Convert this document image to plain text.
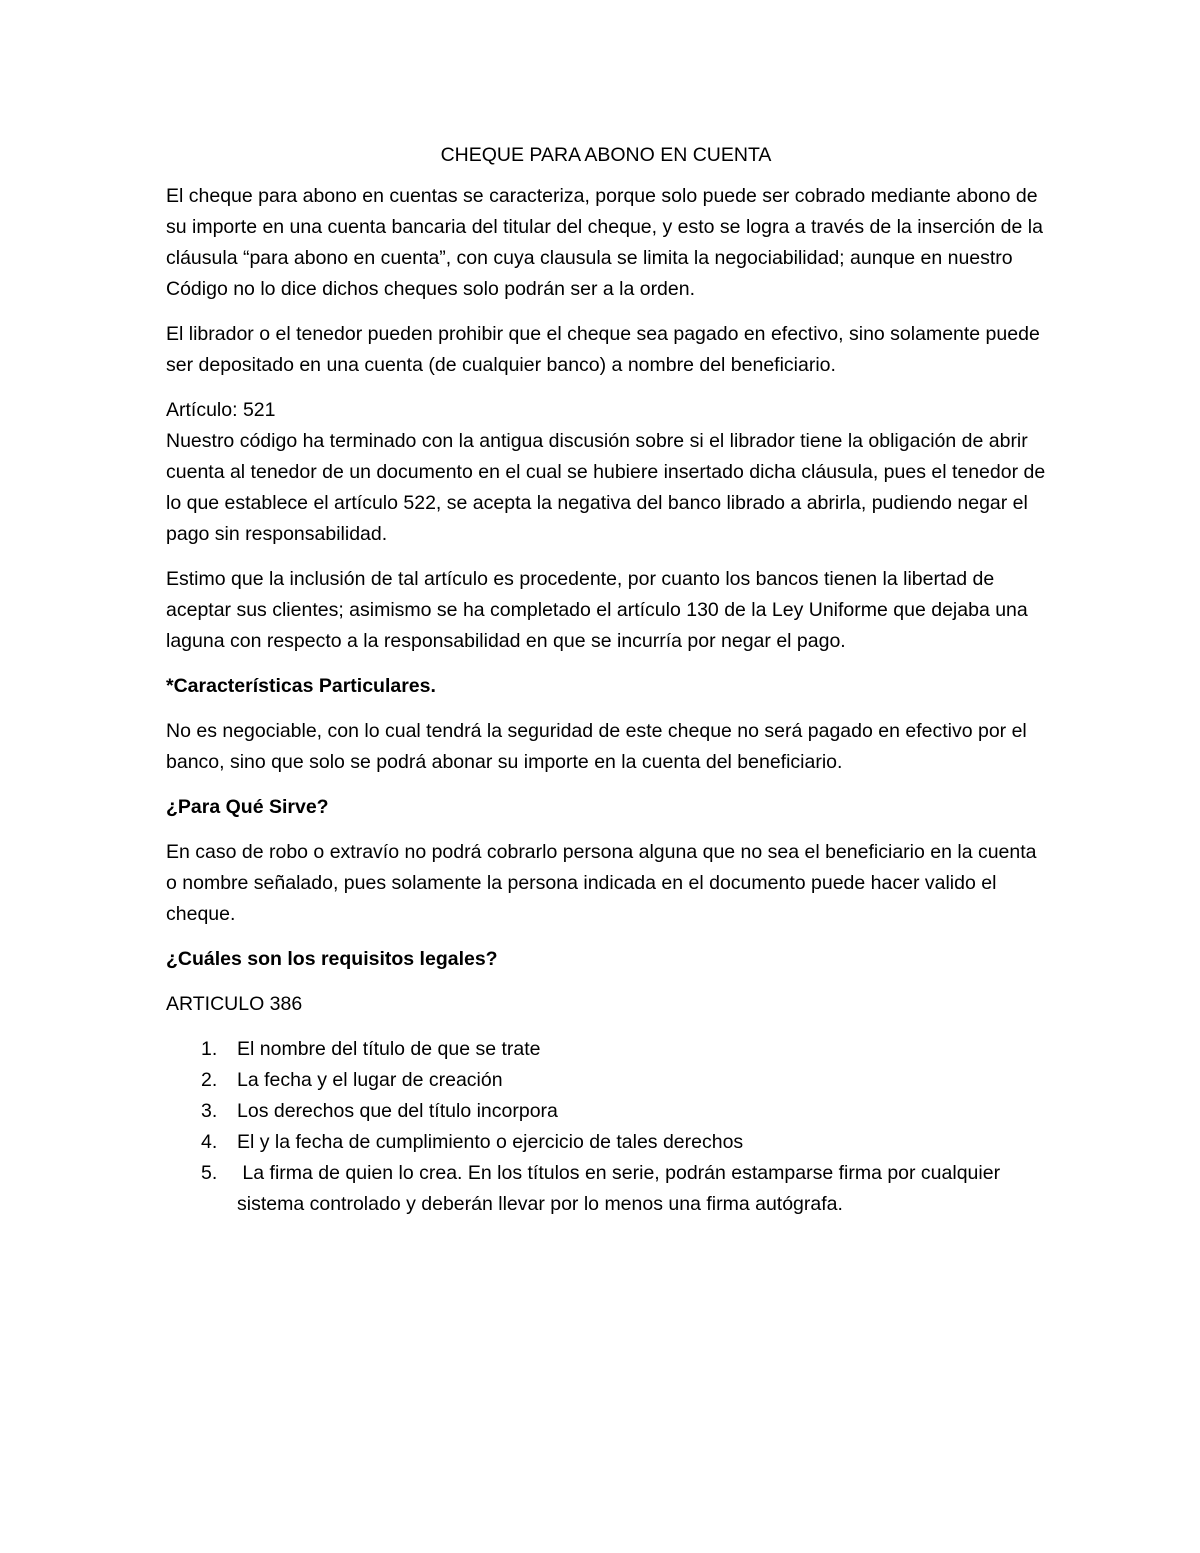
CHEQUE PARA ABONO EN CUENTA

El cheque para abono en cuentas se caracteriza, porque solo puede ser cobrado mediante abono de su importe en una cuenta bancaria del titular del cheque, y esto se logra a través de la inserción de la cláusula “para abono en cuenta”, con cuya clausula se limita la negociabilidad; aunque en nuestro Código no lo dice dichos cheques solo podrán ser a la orden.

El librador o el tenedor pueden prohibir que el cheque sea pagado en efectivo, sino solamente puede ser depositado en una cuenta (de cualquier banco) a nombre del beneficiario.

Artículo: 521
Nuestro código ha terminado con la antigua discusión sobre si el librador tiene la obligación de abrir cuenta al tenedor de un documento en el cual se hubiere insertado dicha cláusula, pues el tenedor de lo que establece el artículo 522, se acepta la negativa del banco librado a abrirla, pudiendo negar el pago sin responsabilidad.

Estimo que la inclusión de tal artículo es procedente, por cuanto los bancos tienen la libertad de aceptar sus clientes; asimismo se ha completado el artículo 130 de la Ley Uniforme que dejaba una laguna con respecto a la responsabilidad en que se incurría por negar el pago.

*Características Particulares.

No es negociable, con lo cual tendrá la seguridad de este cheque no será pagado en efectivo por el banco, sino que solo se podrá abonar su importe en la cuenta del beneficiario.

¿Para Qué Sirve?

En caso de robo o extravío no podrá cobrarlo persona alguna que no sea el beneficiario en la cuenta o nombre señalado, pues solamente la persona indicada en el documento puede hacer valido el cheque.

¿Cuáles son los requisitos legales?

ARTICULO 386

1. El nombre del título de que se trate
2. La fecha y el lugar de creación
3. Los derechos que del título incorpora
4. El y la fecha de cumplimiento o ejercicio de tales derechos
5. La firma de quien lo crea. En los títulos en serie, podrán estamparse firma por cualquier sistema controlado y deberán llevar por lo menos una firma autógrafa.
